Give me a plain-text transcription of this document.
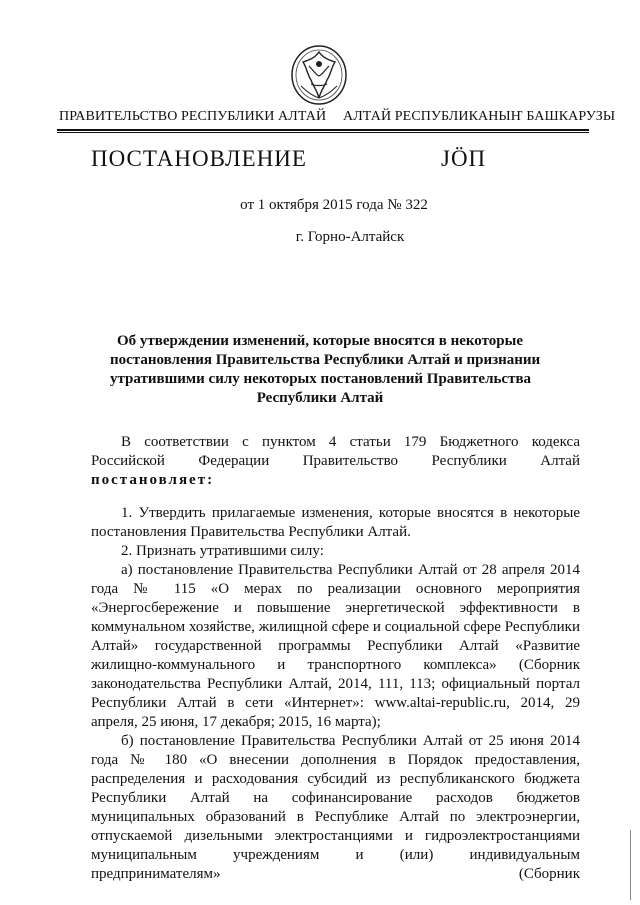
ПРАВИТЕЛЬСТВО РЕСПУБЛИКИ АЛТАЙ АЛТАЙ РЕСПУБЛИКАНЫҤ БАШКАРУЗЫ
ПОСТАНОВЛЕНИЕ	JÖП
от 1 октября 2015 года № 322
г. Горно-Алтайск
Об утверждении изменений, которые вносятся в некоторые
постановления Правительства Республики Алтай и признании
утратившими силу некоторых постановлений Правительства
Республики Алтай

В соответствии с пунктом 4 статьи 179 Бюджетного кодекса Российской Федерации Правительство Республики Алтай

постановляет:

1. Утвердить прилагаемые изменения, которые вносятся в некоторые постановления Правительства Республики Алтай.

2. Признать утратившими силу:

а) постановление Правительства Республики Алтай от 28 апреля 2014 года № 115 «О мерах по реализации основного мероприятия «Энергосбережение и повышение энергетической эффективности в коммунальном хозяйстве, жилищной сфере и социальной сфере Республики Алтай» государственной программы Республики Алтай «Развитие жилищно-коммунального и транспортного комплекса» (Сборник законодательства Республики Алтай, 2014, 111, 113; официальный портал Республики Алтай в сети «Интернет»: www.altai-republic.ru, 2014, 29 апреля, 25 июня, 17 декабря; 2015, 16 марта);

б) постановление Правительства Республики Алтай от 25 июня 2014 года № 180 «О внесении дополнения в Порядок предоставления, распределения и расходования субсидий из республиканского бюджета Республики Алтай на софинансирование расходов бюджетов муниципальных образований в Республике Алтай по электроэнергии, отпускаемой дизельными электростанциями и гидроэлектростанциями муниципальным учреждениям и (или) индивидуальным предпринимателям» (Сборник
